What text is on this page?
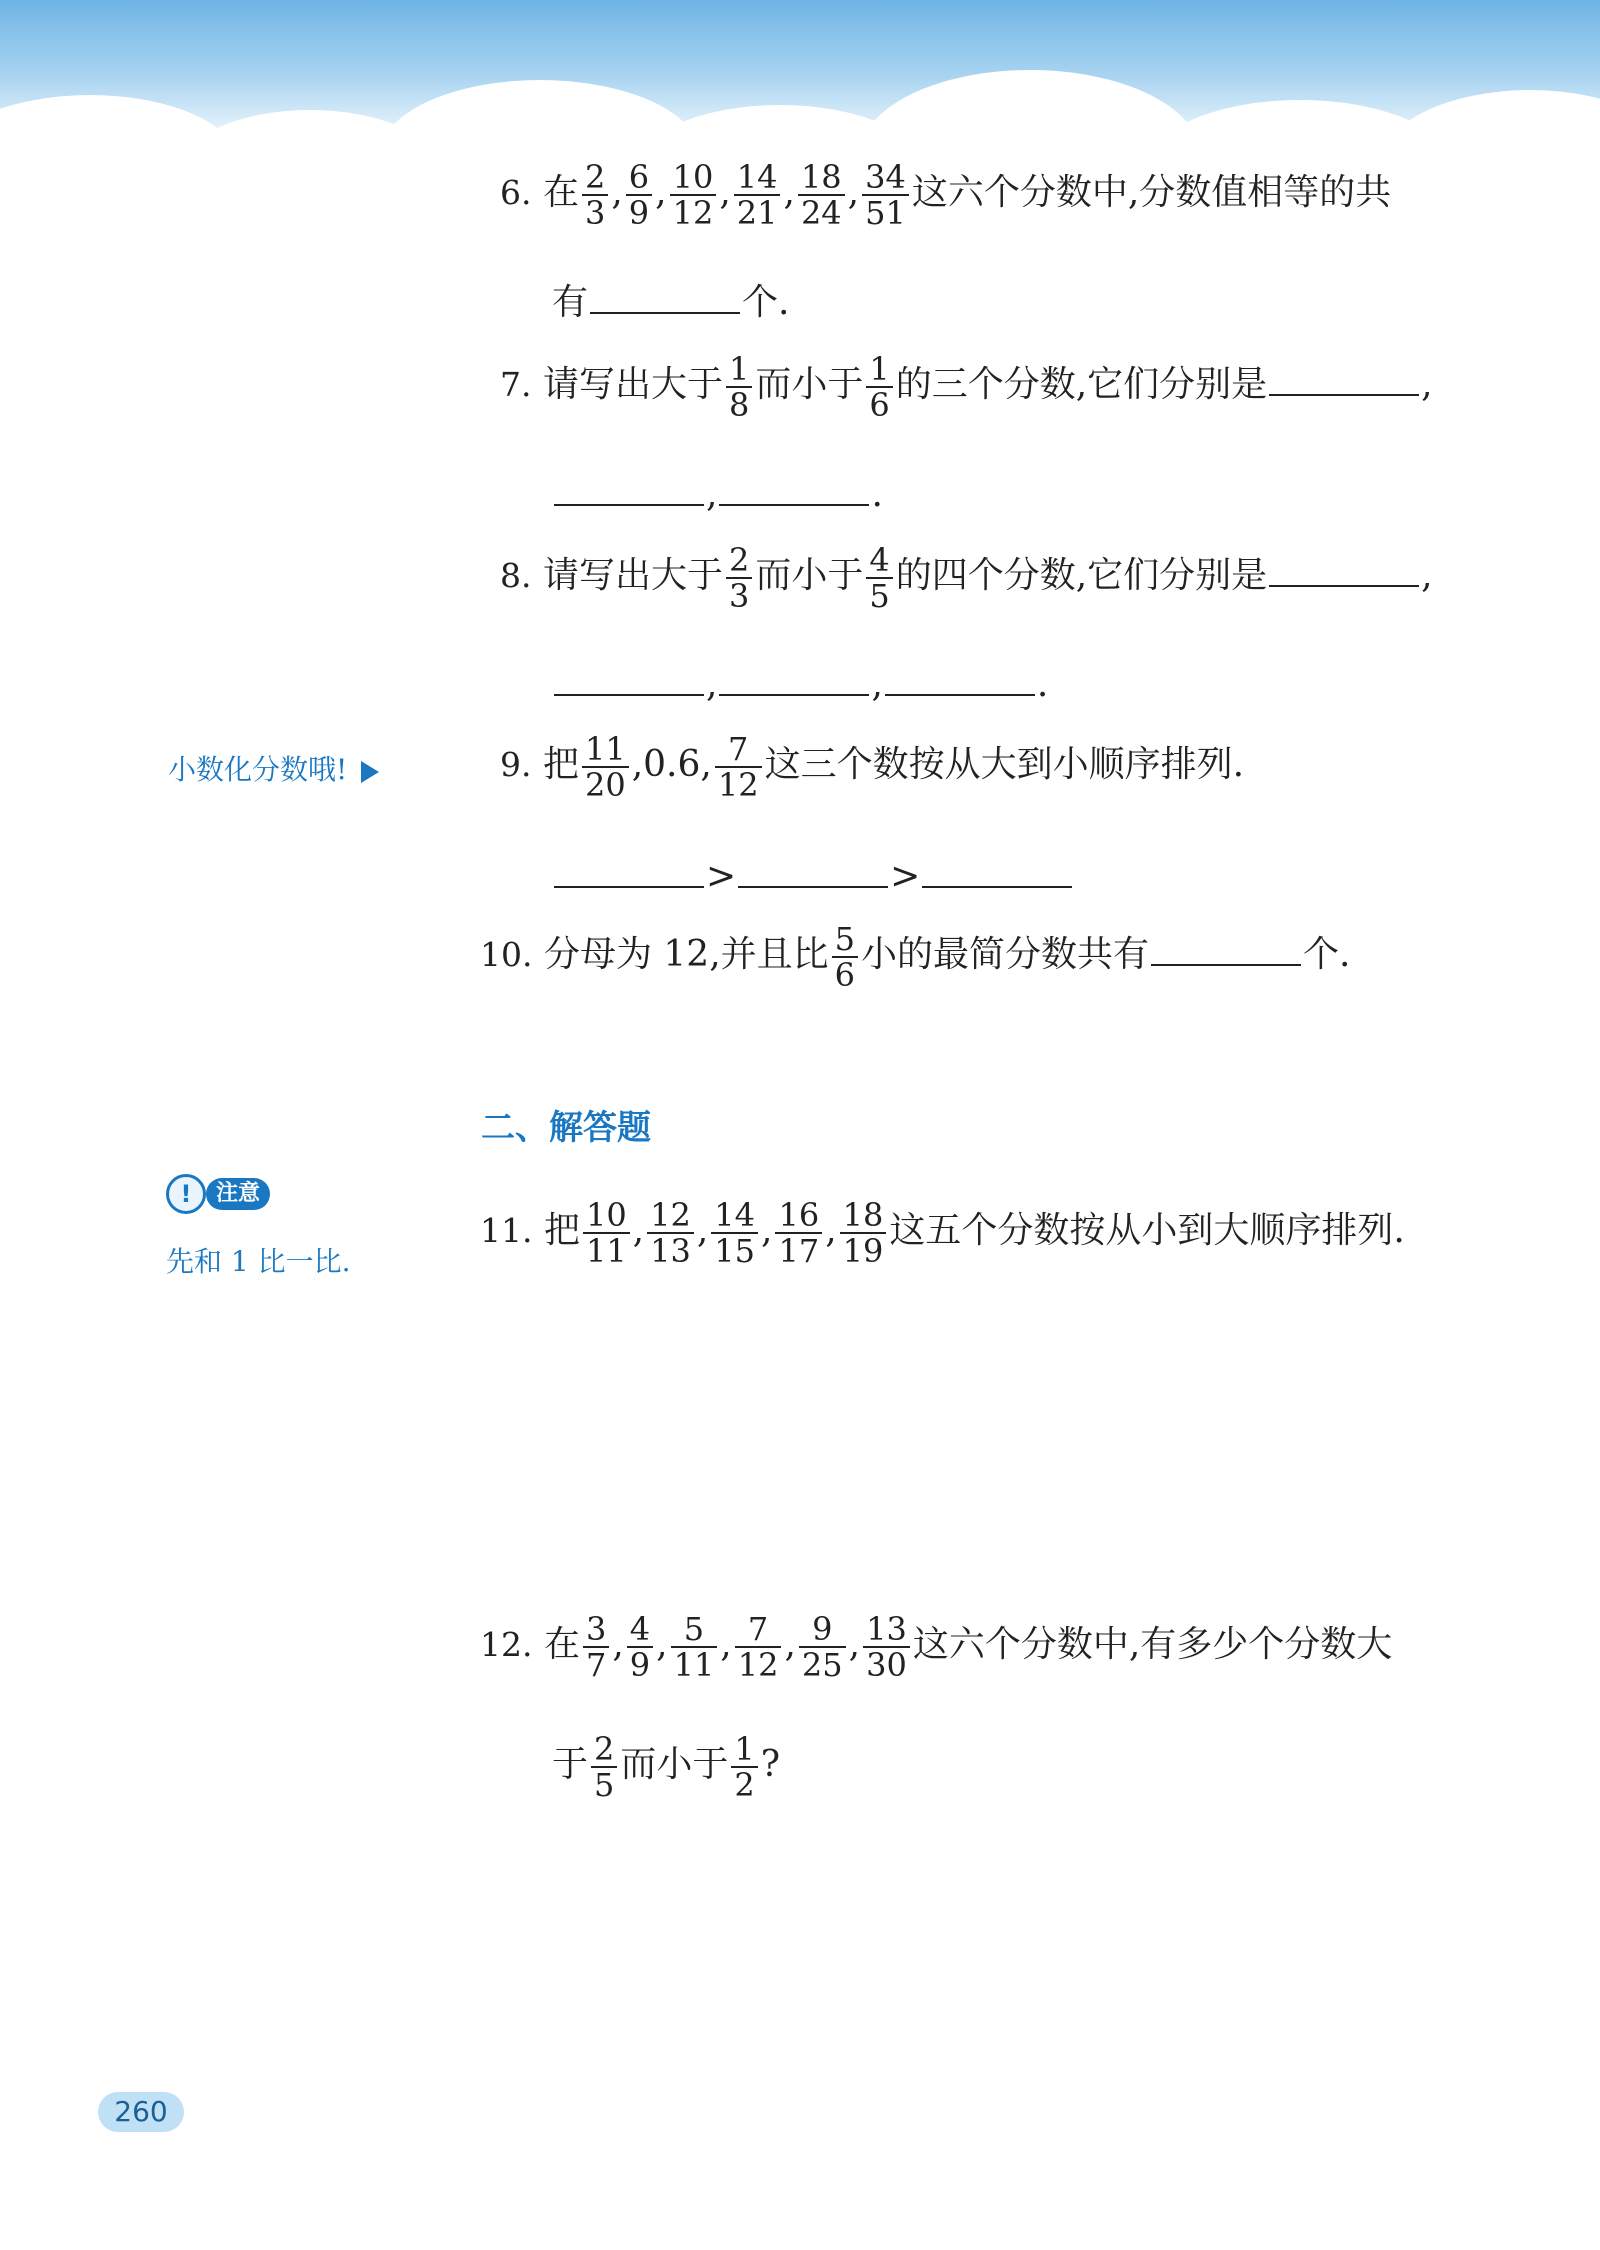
6. 在 $\frac{2}{3}$ , $\frac{6}{9}$ , $\frac{10}{12}$ , $\frac{14}{21}$ , $\frac{18}{24}$ , $\frac{34}{51}$ 这六个分数中,分数值相等的共
有	个.
7. 请写出大于 $\frac{1}{8}$ 而小于 $\frac{1}{6}$ 的三个分数,它们分别是	,
,	.
8. 请写出大于 $\frac{2}{3}$ 而小于 $\frac{4}{5}$ 的四个分数,它们分别是	,
,	,	.
小数化分数哦!	9. 把 $\frac{11}{20} ,0.6$, $\frac{7}{12}$ 这三个数按从大到小顺序排列.
>	>
10. 分母为 12,并且比 $\frac{5}{6}$ 小的最简分数共有	个.
二、解答题
!	注意
先和 1 比一比.
11. 把 $\frac{10}{11}$ , $\frac{12}{13}$ , $\frac{14}{15}$ , $\frac{16}{17}$ , $\frac{18}{19}$ 这五个分数按从小到大顺序排列.
12. 在 $\frac{3}{7}$ , $\frac{4}{9}$ , $\frac{5}{11}$ , $\frac{7}{12}$ , $\frac{9}{25}$ , $\frac{13}{30}$ 这六个分数中,有多少个分数大
于 $\frac{2}{5}$ 而小于 $\frac{1}{2}$ ?
260
